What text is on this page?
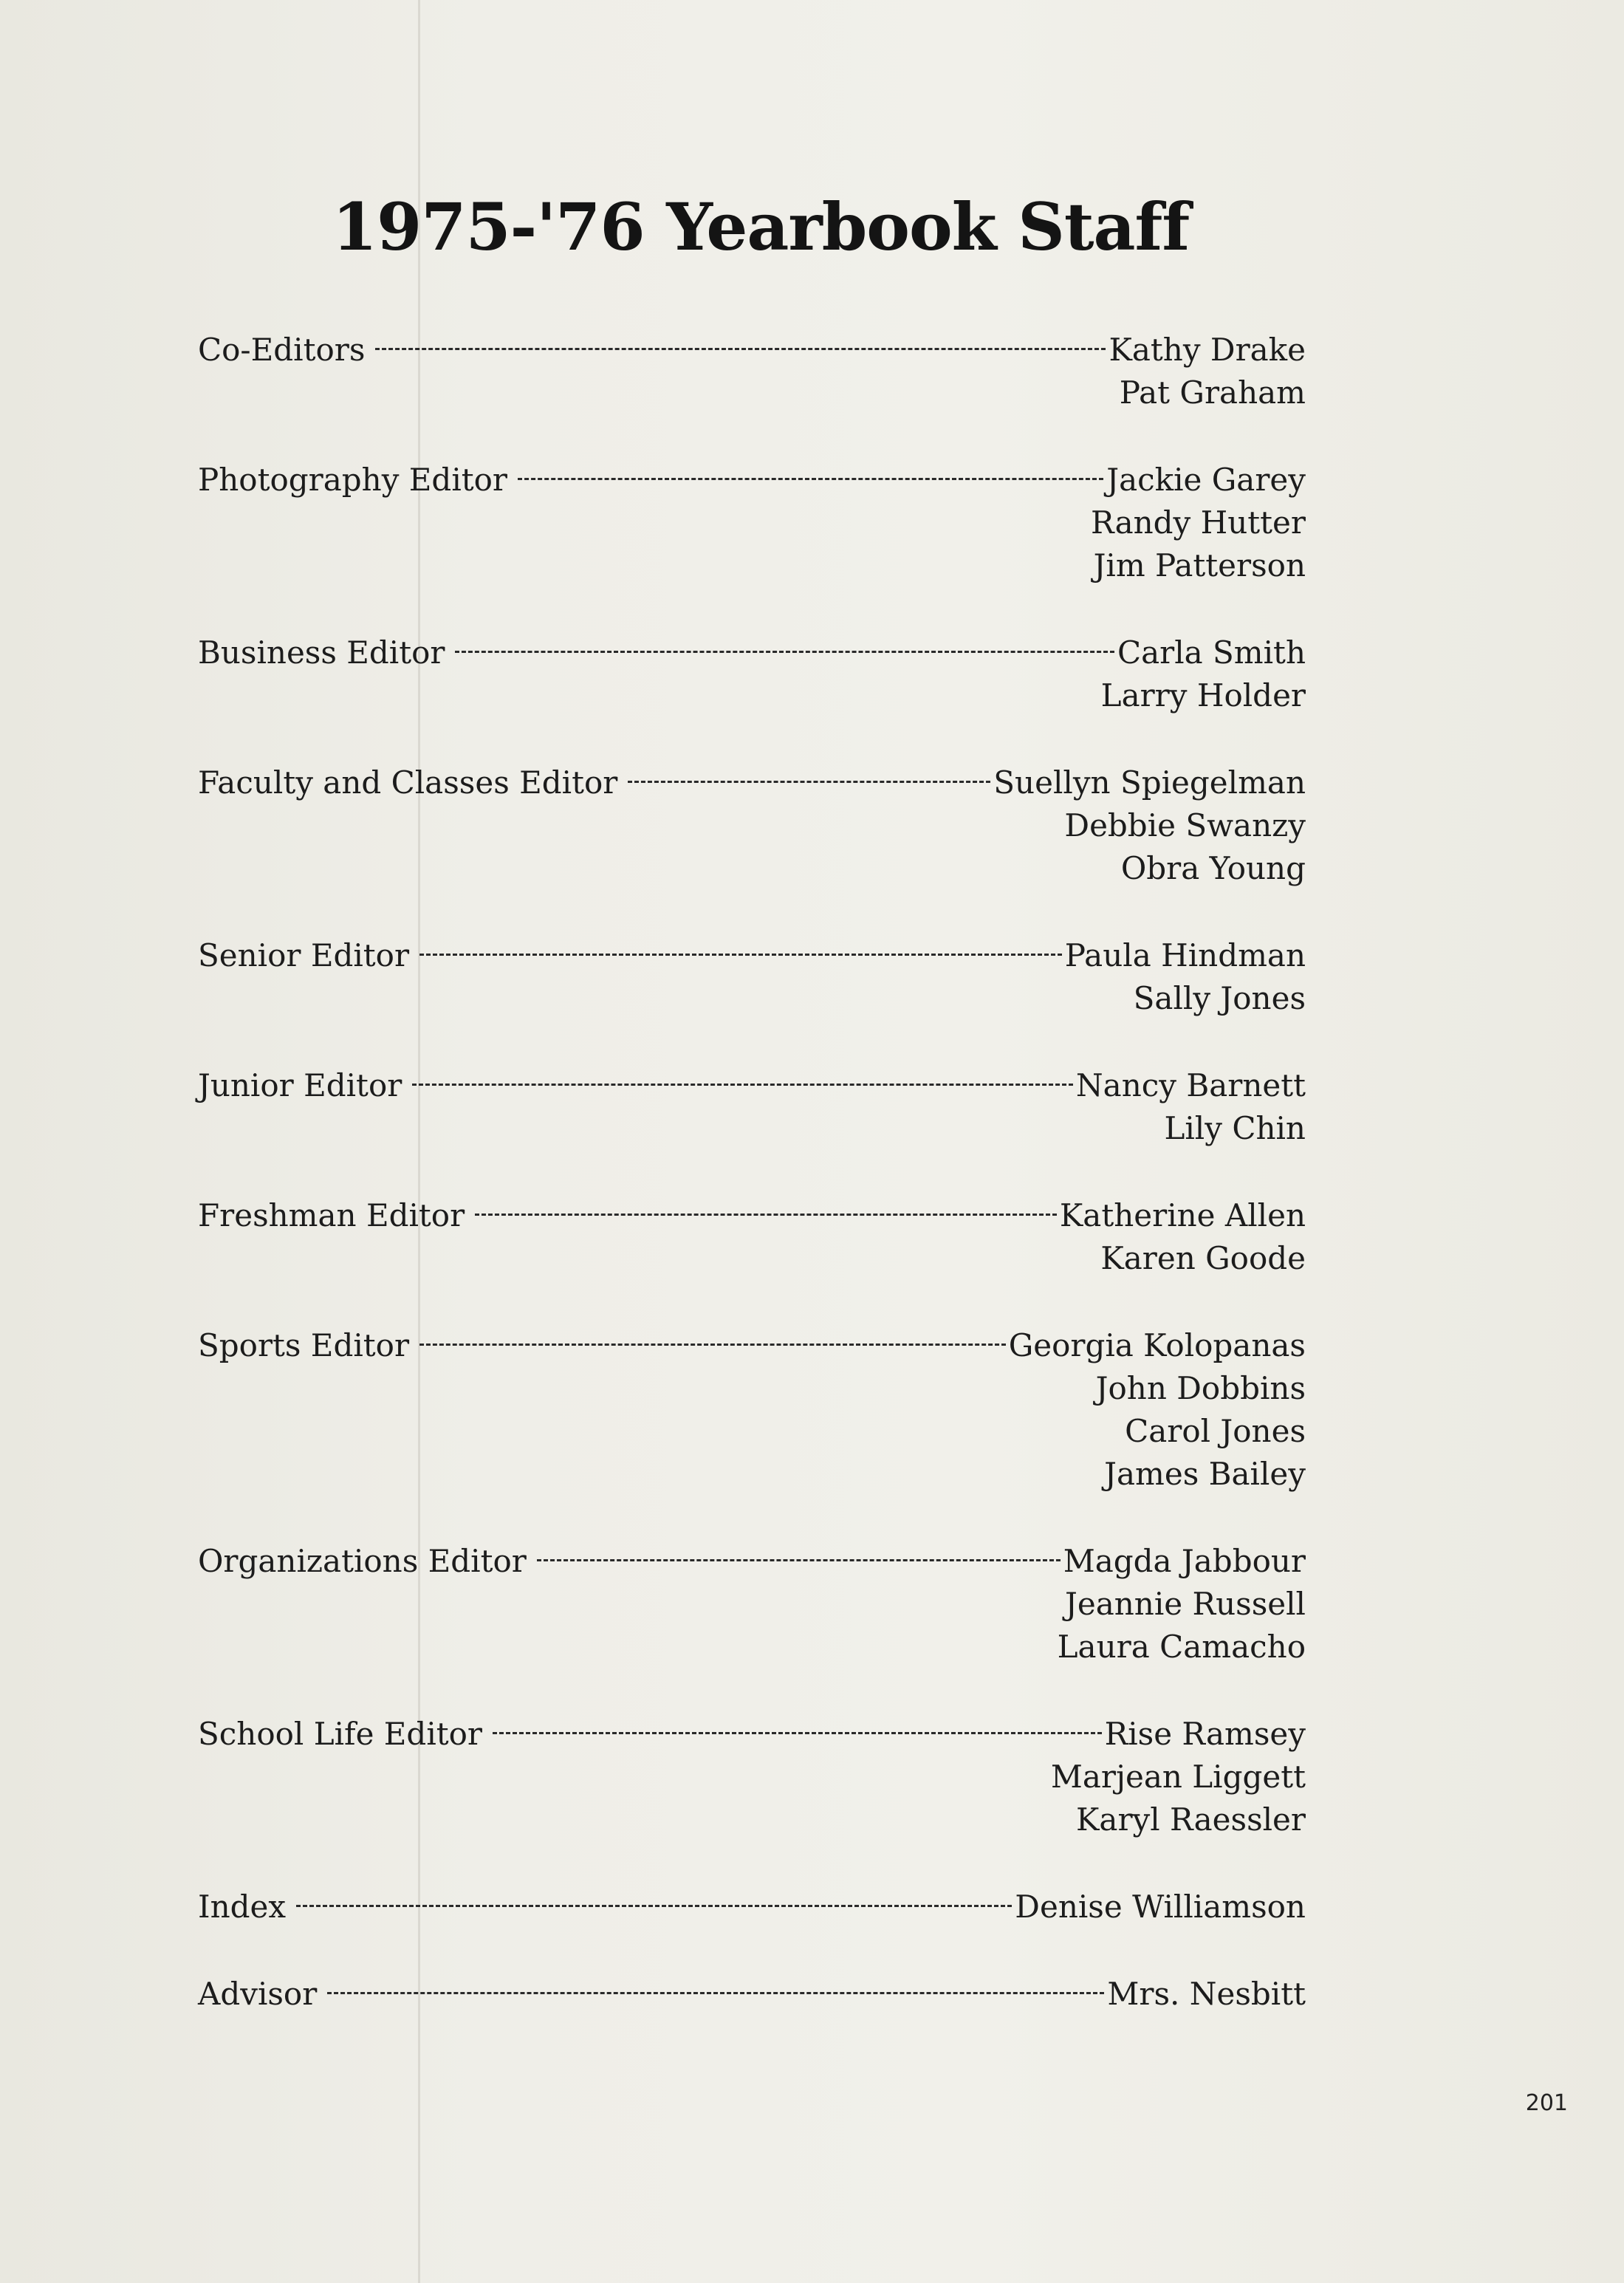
1975-'76 Yearbook Staff
Co-Editors	Kathy Drake
Pat Graham
Photography Editor	Jackie Garey
Randy Hutter
Jim Patterson
Business Editor	Carla Smith
Larry Holder
Faculty and Classes Editor	Suellyn Spiegelman
Debbie Swanzy
Obra Young
Senior Editor	Paula Hindman
Sally Jones
Junior Editor	Nancy Barnett
Lily Chin
Freshman Editor	Katherine Allen
Karen Goode
Sports Editor	Georgia Kolopanas
John Dobbins
Carol Jones
James Bailey
Organizations Editor	Magda Jabbour
Jeannie Russell
Laura Camacho
School Life Editor	Rise Ramsey
Marjean Liggett
Karyl Raessler
Index	Denise Williamson
Advisor	Mrs. Nesbitt
201
